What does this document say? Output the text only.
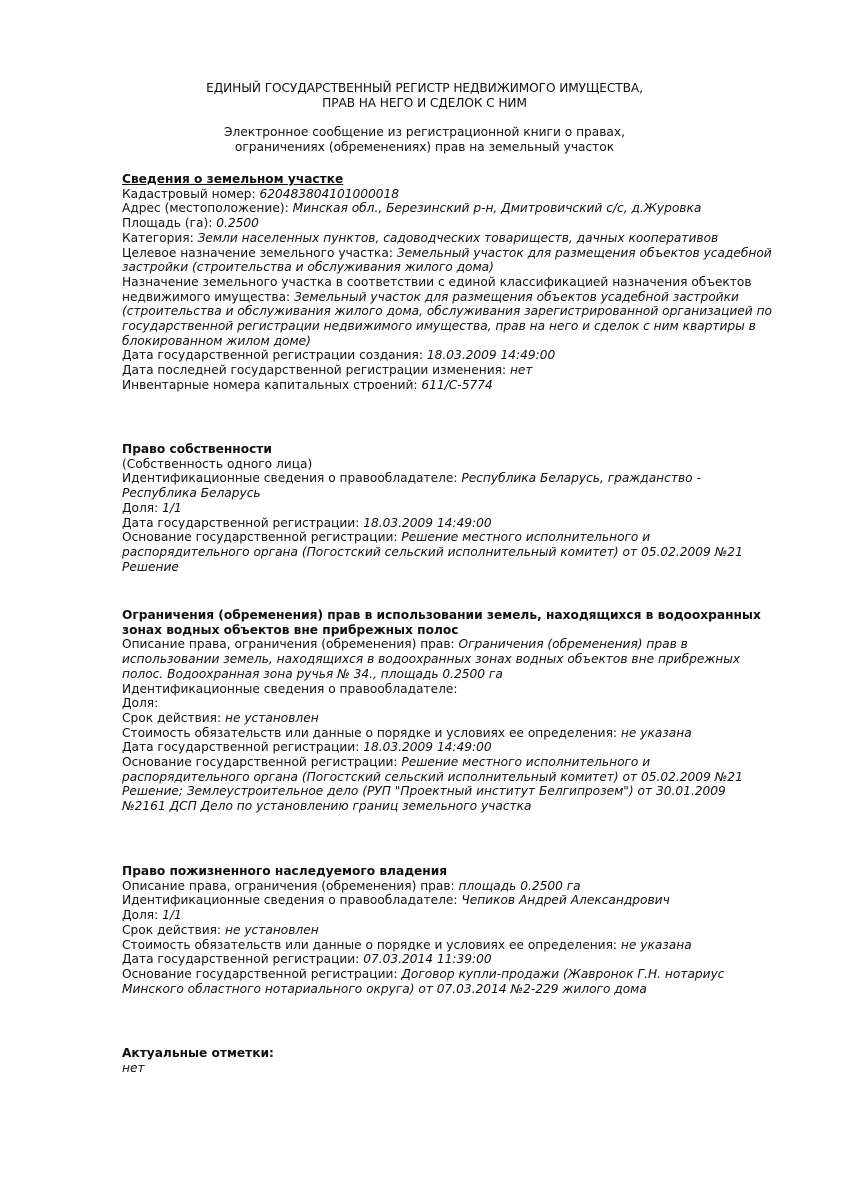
ЕДИНЫЙ ГОСУДАРСТВЕННЫЙ РЕГИСТР НЕДВИЖИМОГО ИМУЩЕСТВА,
ПРАВ НА НЕГО И СДЕЛОК С НИМ
Электронное сообщение из регистрационной книги о правах,
ограничениях (обременениях) прав на земельный участок
Сведения о земельном участке
Кадастровый номер: 620483804101000018
Адрес (местоположение): Минская обл., Березинский р-н, Дмитровичский с/с, д.Журовка
Площадь (га): 0.2500
Категория: Земли населенных пунктов, садоводческих товариществ, дачных кооперативов
Целевое назначение земельного участка: Земельный участок для размещения объектов усадебной застройки (строительства и обслуживания жилого дома)
Назначение земельного участка в соответствии с единой классификацией назначения объектов недвижимого имущества: Земельный участок для размещения объектов усадебной застройки (строительства и обслуживания жилого дома, обслуживания зарегистрированной организацией по государственной регистрации недвижимого имущества, прав на него и сделок с ним квартиры в блокированном жилом доме)
Дата государственной регистрации создания: 18.03.2009 14:49:00
Дата последней государственной регистрации изменения: нет
Инвентарные номера капитальных строений: 611/С-5774
Право собственности
(Собственность одного лица)
Идентификационные сведения о правообладателе: Республика Беларусь, гражданство - Республика Беларусь
Доля: 1/1
Дата государственной регистрации: 18.03.2009 14:49:00
Основание государственной регистрации: Решение местного исполнительного и распорядительного органа (Погостский сельский исполнительный комитет) от 05.02.2009 №21 Решение
Ограничения (обременения) прав в использовании земель, находящихся в водоохранных зонах водных объектов вне прибрежных полос
Описание права, ограничения (обременения) прав: Ограничения (обременения) прав в использовании земель, находящихся в водоохранных зонах водных объектов вне прибрежных полос. Водоохранная зона ручья № 34., площадь 0.2500 га
Идентификационные сведения о правообладателе:
Доля:
Срок действия: не установлен
Стоимость обязательств или данные о порядке и условиях ее определения: не указана
Дата государственной регистрации: 18.03.2009 14:49:00
Основание государственной регистрации: Решение местного исполнительного и распорядительного органа (Погостский сельский исполнительный комитет) от 05.02.2009 №21 Решение; Землеустроительное дело (РУП "Проектный институт Белгипрозем") от 30.01.2009 №2161 ДСП Дело по установлению границ земельного участка
Право пожизненного наследуемого владения
Описание права, ограничения (обременения) прав: площадь 0.2500 га
Идентификационные сведения о правообладателе: Чепиков Андрей Александрович
Доля: 1/1
Срок действия: не установлен
Стоимость обязательств или данные о порядке и условиях ее определения: не указана
Дата государственной регистрации: 07.03.2014 11:39:00
Основание государственной регистрации: Договор купли-продажи (Жавронок Г.Н. нотариус Минского областного нотариального округа) от 07.03.2014 №2-229 жилого дома
Актуальные отметки:
нет
